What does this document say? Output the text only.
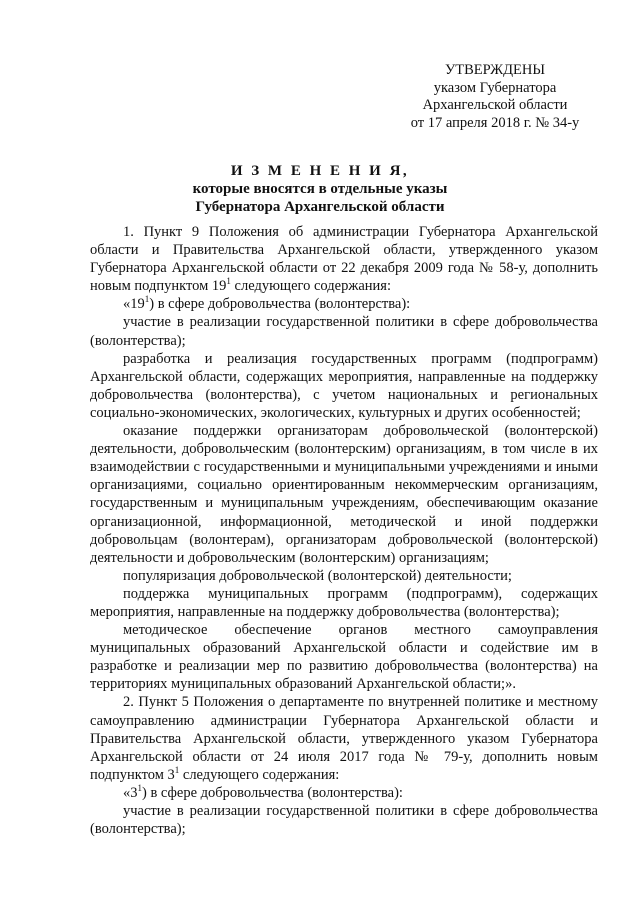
УТВЕРЖДЕНЫ
указом Губернатора
Архангельской области
от 17 апреля 2018 г. № 34-у
И З М Е Н Е Н И Я,
которые вносятся в отдельные указы
Губернатора Архангельской области

1. Пункт 9 Положения об администрации Губернатора Архангельской области и Правительства Архангельской области, утвержденного указом Губернатора Архангельской области от 22 декабря 2009 года № 58-у, дополнить новым подпунктом $19^1$ следующего содержания:

«$19^1$) в сфере добровольчества (волонтерства):

участие в реализации государственной политики в сфере добровольчества (волонтерства);

разработка и реализация государственных программ (подпрограмм) Архангельской области, содержащих мероприятия, направленные на поддержку добровольчества (волонтерства), с учетом национальных и региональных социально-экономических, экологических, культурных и других особенностей;

оказание поддержки организаторам добровольческой (волонтерской) деятельности, добровольческим (волонтерским) организациям, в том числе в их взаимодействии с государственными и муниципальными учреждениями и иными организациями, социально ориентированным некоммерческим организациям, государственным и муниципальным учреждениям, обеспечивающим оказание организационной, информационной, методической и иной поддержки добровольцам (волонтерам), организаторам добровольческой (волонтерской) деятельности и добровольческим (волонтерским) организациям;

популяризация добровольческой (волонтерской) деятельности;

поддержка муниципальных программ (подпрограмм), содержащих мероприятия, направленные на поддержку добровольчества (волонтерства);

методическое обеспечение органов местного самоуправления муниципальных образований Архангельской области и содействие им в разработке и реализации мер по развитию добровольчества (волонтерства) на территориях муниципальных образований Архангельской области;».

2. Пункт 5 Положения о департаменте по внутренней политике и местному самоуправлению администрации Губернатора Архангельской области и Правительства Архангельской области, утвержденного указом Губернатора Архангельской области от 24 июля 2017 года № 79-у, дополнить новым подпунктом $3^1$ следующего содержания:

«$3^1$) в сфере добровольчества (волонтерства):

участие в реализации государственной политики в сфере добровольчества (волонтерства);
